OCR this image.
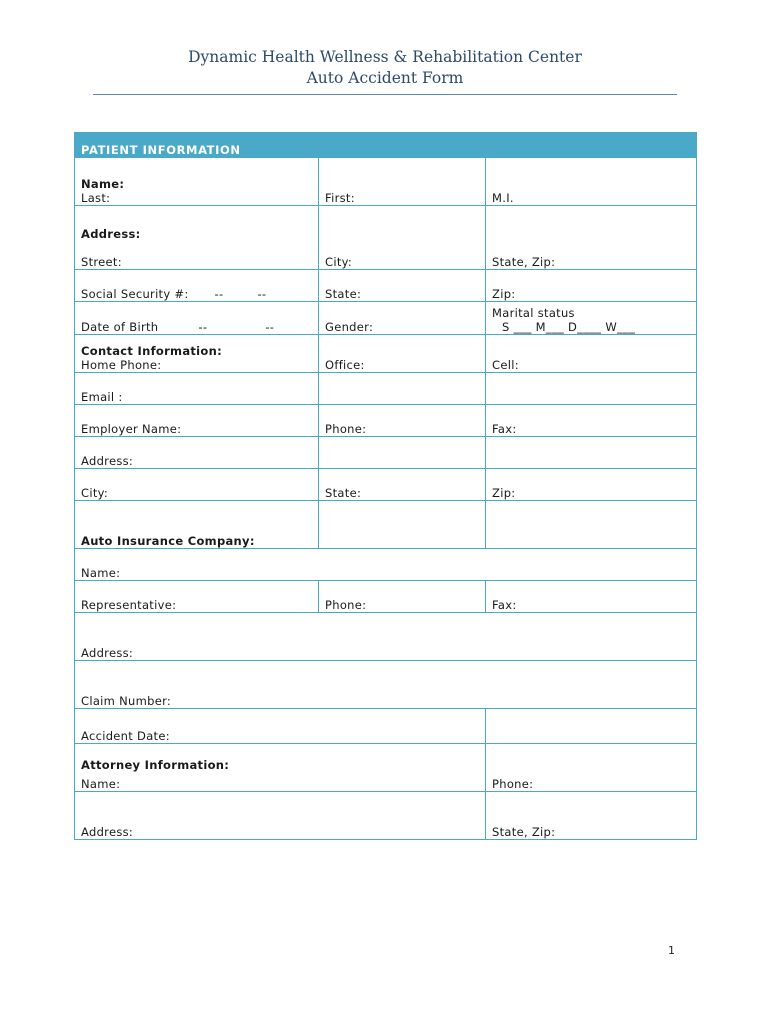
Dynamic Health Wellness & Rehabilitation Center
Auto Accident Form
PATIENT INFORMATION		

Name:
Last:	First:	M.I.

Address:
Street:	City:	State, Zip:

Social Security #: -- --	State:	Zip:

Date of Birth -- --	Gender:	Marital status
S ___ M___ D____ W___

Contact Information:
Home Phone:	Office:	Cell:

Email :		

Employer Name:	Phone:	Fax:

Address:		

City:	State:	Zip:

Auto Insurance Company:		

Name:		

Representative:	Phone:	Fax:

Address:		

Claim Number:		

Accident Date:		

Attorney Information:
Name:		Phone:

Address:		State, Zip:
1
